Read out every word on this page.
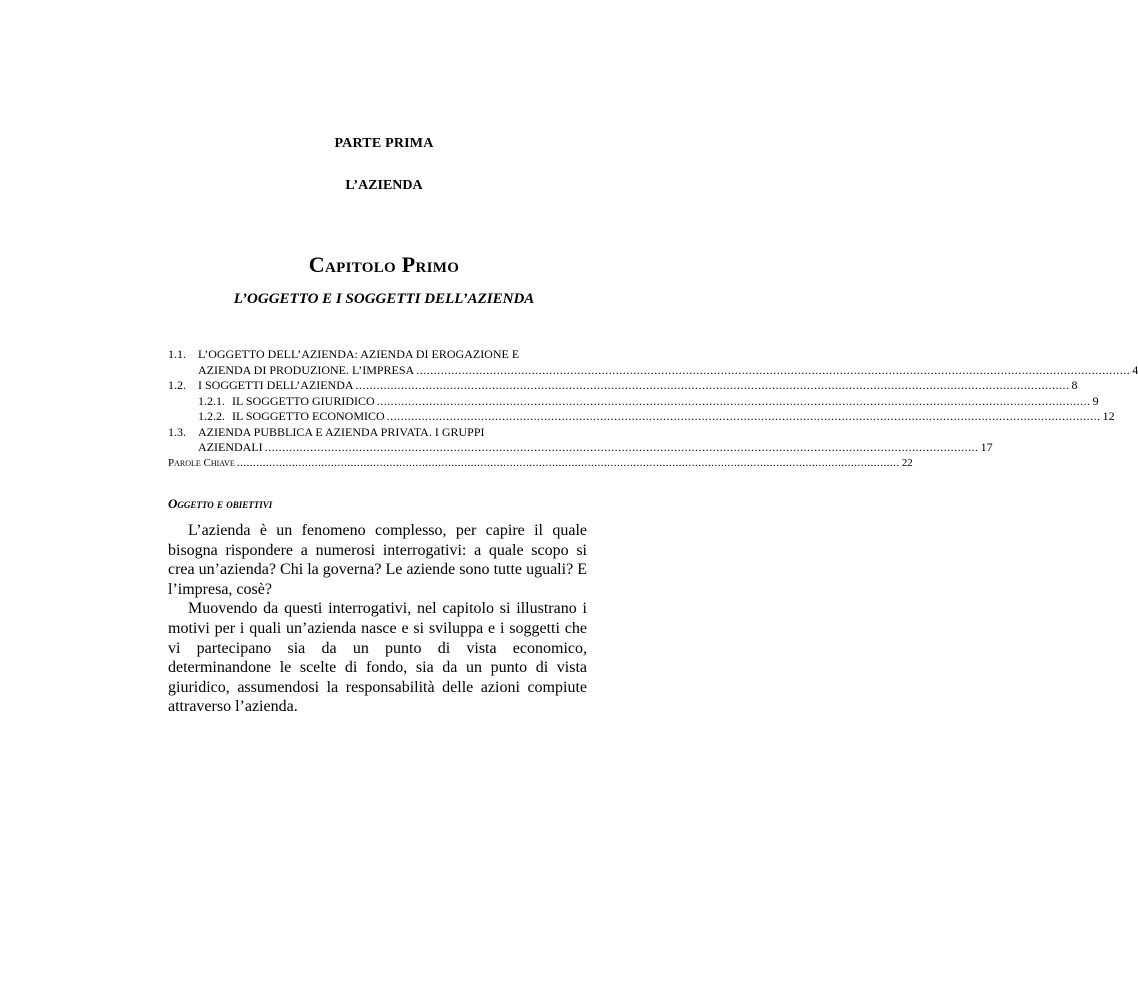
PARTE PRIMA
L’AZIENDA
Capitolo Primo
L’OGGETTO E I SOGGETTI DELL’AZIENDA
1.1.	L’OGGETTO DELL’AZIENDA: AZIENDA DI EROGAZIONE E
AZIENDA DI PRODUZIONE. L’IMPRESA .....	4
1.2.	I SOGGETTI DELL’AZIENDA .....	8
1.2.1. IL SOGGETTO GIURIDICO .....	9
1.2.2. IL SOGGETTO ECONOMICO .....	12
1.3.	AZIENDA PUBBLICA E AZIENDA PRIVATA. I GRUPPI
AZIENDALI .....	17
Parole Chiave .....	22
Oggetto e obiettivi

L’azienda è un fenomeno complesso, per capire il quale bisogna rispondere a numerosi interrogativi: a quale scopo si crea un’azienda? Chi la governa? Le aziende sono tutte uguali? E l’impresa, cosè?

Muovendo da questi interrogativi, nel capitolo si illustrano i motivi per i quali un’azienda nasce e si sviluppa e i soggetti che vi partecipano sia da un punto di vista economico, determinandone le scelte di fondo, sia da un punto di vista giuridico, assumendosi la responsabilità delle azioni compiute attraverso l’azienda.
